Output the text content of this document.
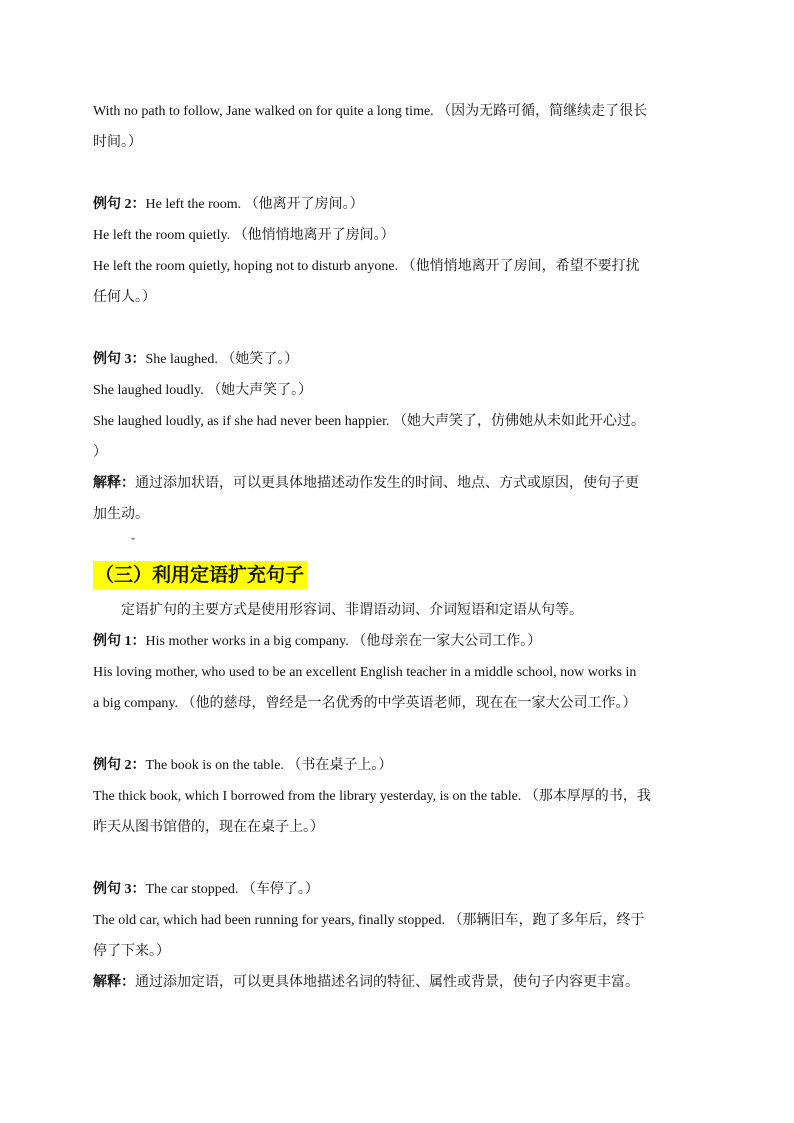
With no path to follow, Jane walked on for quite a long time. （因为无路可循，简继续走了很长
时间。）
例句 2：He left the room. （他离开了房间。）
He left the room quietly. （他悄悄地离开了房间。）
He left the room quietly, hoping not to disturb anyone. （他悄悄地离开了房间，希望不要打扰
任何人。）
例句 3：She laughed. （她笑了。）
She laughed loudly. （她大声笑了。）
She laughed loudly, as if she had never been happier. （她大声笑了，仿佛她从未如此开心过。
）
解释：通过添加状语，可以更具体地描述动作发生的时间、地点、方式或原因，使句子更
加生动。
ˇ
（三）利用定语扩充句子
定语扩句的主要方式是使用形容词、非谓语动词、介词短语和定语从句等。
例句 1：His mother works in a big company. （他母亲在一家大公司工作。）
His loving mother, who used to be an excellent English teacher in a middle school, now works in
a big company. （他的慈母，曾经是一名优秀的中学英语老师，现在在一家大公司工作。）
例句 2：The book is on the table. （书在桌子上。）
The thick book, which I borrowed from the library yesterday, is on the table. （那本厚厚的书，我
昨天从图书馆借的，现在在桌子上。）
例句 3：The car stopped. （车停了。）
The old car, which had been running for years, finally stopped. （那辆旧车，跑了多年后，终于
停了下来。）
解释：通过添加定语，可以更具体地描述名词的特征、属性或背景，使句子内容更丰富。
